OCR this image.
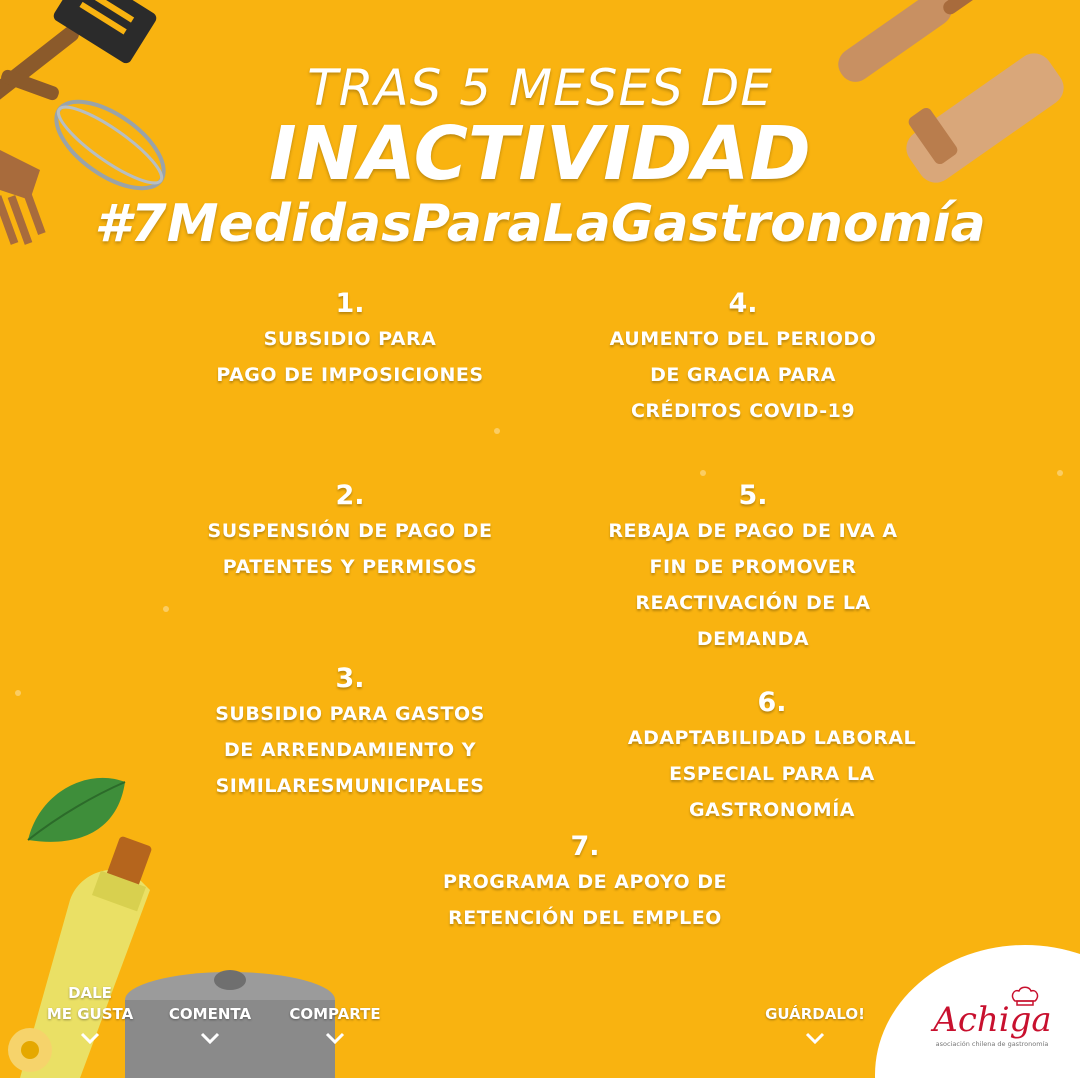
TRAS 5 MESES DE
INACTIVIDAD
#7MedidasParaLaGastronomía
1.
SUBSIDIO PARA
PAGO DE IMPOSICIONES
2.
SUSPENSIÓN DE PAGO DE
PATENTES Y PERMISOS
3.
SUBSIDIO PARA GASTOS
DE ARRENDAMIENTO Y
SIMILARESMUNICIPALES
4.
AUMENTO DEL PERIODO
DE GRACIA PARA
CRÉDITOS COVID-19
5.
REBAJA DE PAGO DE IVA A
FIN DE PROMOVER
REACTIVACIÓN DE LA
DEMANDA
6.
ADAPTABILIDAD LABORAL
ESPECIAL PARA LA
GASTRONOMÍA
7.
PROGRAMA DE APOYO DE
RETENCIÓN DEL EMPLEO
DALE
ME GUSTA	COMENTA	COMPARTE	GUÁRDALO! Achiga
asociación chilena de gastronomía
